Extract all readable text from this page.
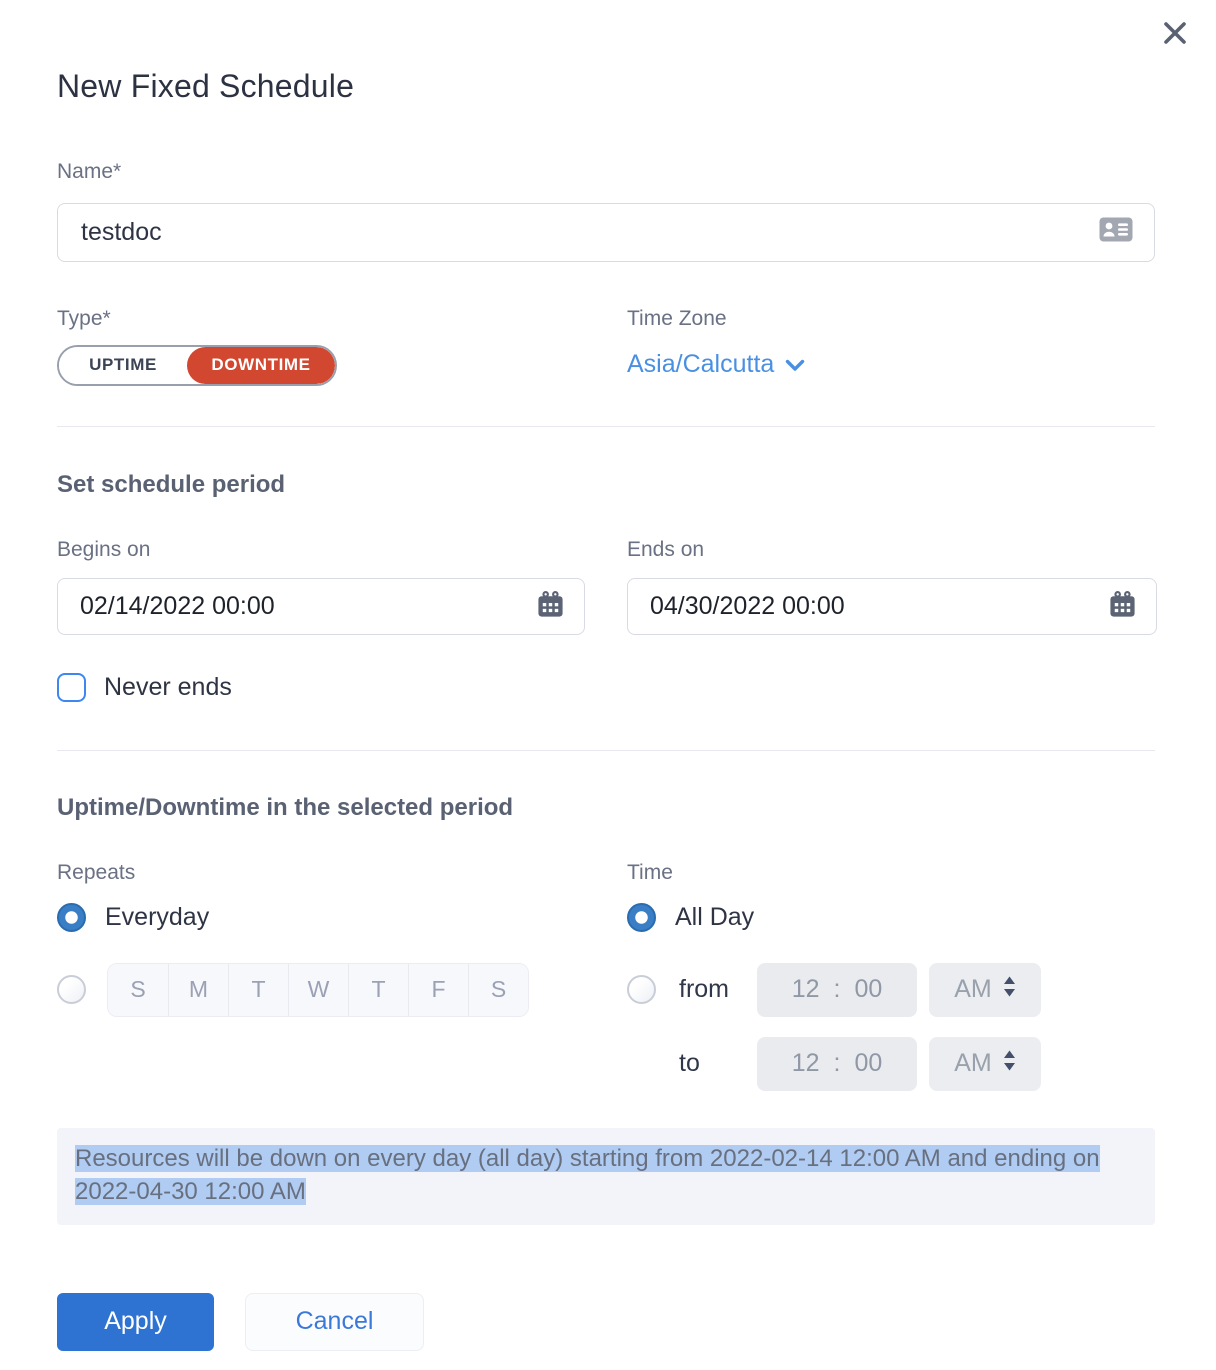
New Fixed Schedule
Name*
testdoc
Type*
UPTIME	DOWNTIME
Time Zone
Asia/Calcutta
Set schedule period
Begins on
02/14/2022 00:00
Ends on
04/30/2022 00:00
Never ends
Uptime/Downtime in the selected period
Repeats
Everyday
S	M	T	W	T	F	S
Time
All Day
from	12 : 00	AM
to	12 : 00	AM
Resources will be down on every day (all day) starting from 2022-02-14 12:00 AM and ending on 2022-04-30 12:00 AM
Apply	Cancel
